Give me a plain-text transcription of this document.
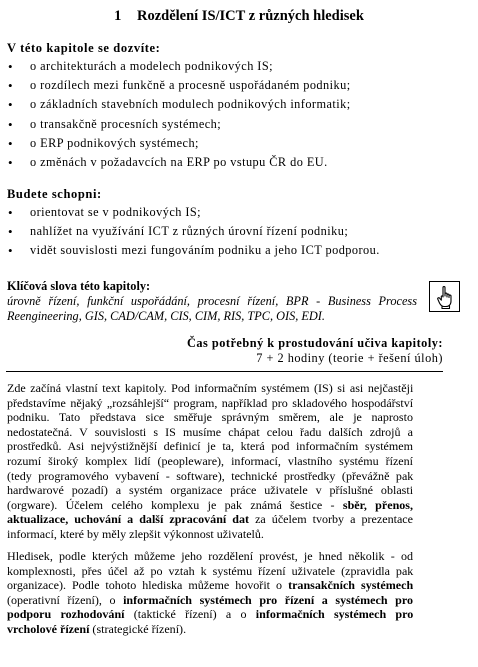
1 Rozdělení IS/ICT z různých hledisek
V této kapitole se dozvíte:
• o architekturách a modelech podnikových IS;
• o rozdílech mezi funkčně a procesně uspořádaném podniku;
• o základních stavebních modulech podnikových informatik;
• o transakčně procesních systémech;
• o ERP podnikových systémech;
• o změnách v požadavcích na ERP po vstupu ČR do EU.
Budete schopni:
• orientovat se v podnikových IS;
• nahlížet na využívání ICT z různých úrovní řízení podniku;
• vidět souvislosti mezi fungováním podniku a jeho ICT podporou.
Klíčová slova této kapitoly:
úrovně řízení, funkční uspořádání, procesní řízení, BPR - Business Process
Reengineering, GIS, CAD/CAM, CIS, CIM, RIS, TPC, OIS, EDI.
Čas potřebný k prostudování učiva kapitoly:
7 + 2 hodiny (teorie + řešení úloh)
Zde začíná vlastní text kapitoly. Pod informačním systémem (IS) si asi nejčastěji
představíme nějaký „rozsáhlejší“ program, například pro skladového hospodářství
podniku. Tato představa sice směřuje správným směrem, ale je naprosto
nedostatečná. V souvislosti s IS musíme chápat celou řadu dalších zdrojů a
prostředků. Asi nejvýstižnější definicí je ta, která pod informačním systémem
rozumí široký komplex lidí (peopleware), informací, vlastního systému řízení
(tedy programového vybavení - software), technické prostředky (převážně pak
hardwarové pozadí) a systém organizace práce uživatele v příslušné oblasti
(orgware). Účelem celého komplexu je pak známá šestice - sběr, přenos,
aktualizace, uchování a další zpracování dat za účelem tvorby a prezentace
informací, které by měly zlepšit výkonnost uživatelů.
Hledisek, podle kterých můžeme jeho rozdělení provést, je hned několik - od
komplexnosti, přes účel až po vztah k systému řízení uživatele (zpravidla pak
organizace). Podle tohoto hlediska můžeme hovořit o transakčních systémech
(operativní řízení), o informačních systémech pro řízení a systémech pro
podporu rozhodování (taktické řízení) a o informačních systémech pro
vrcholové řízení (strategické řízení).
